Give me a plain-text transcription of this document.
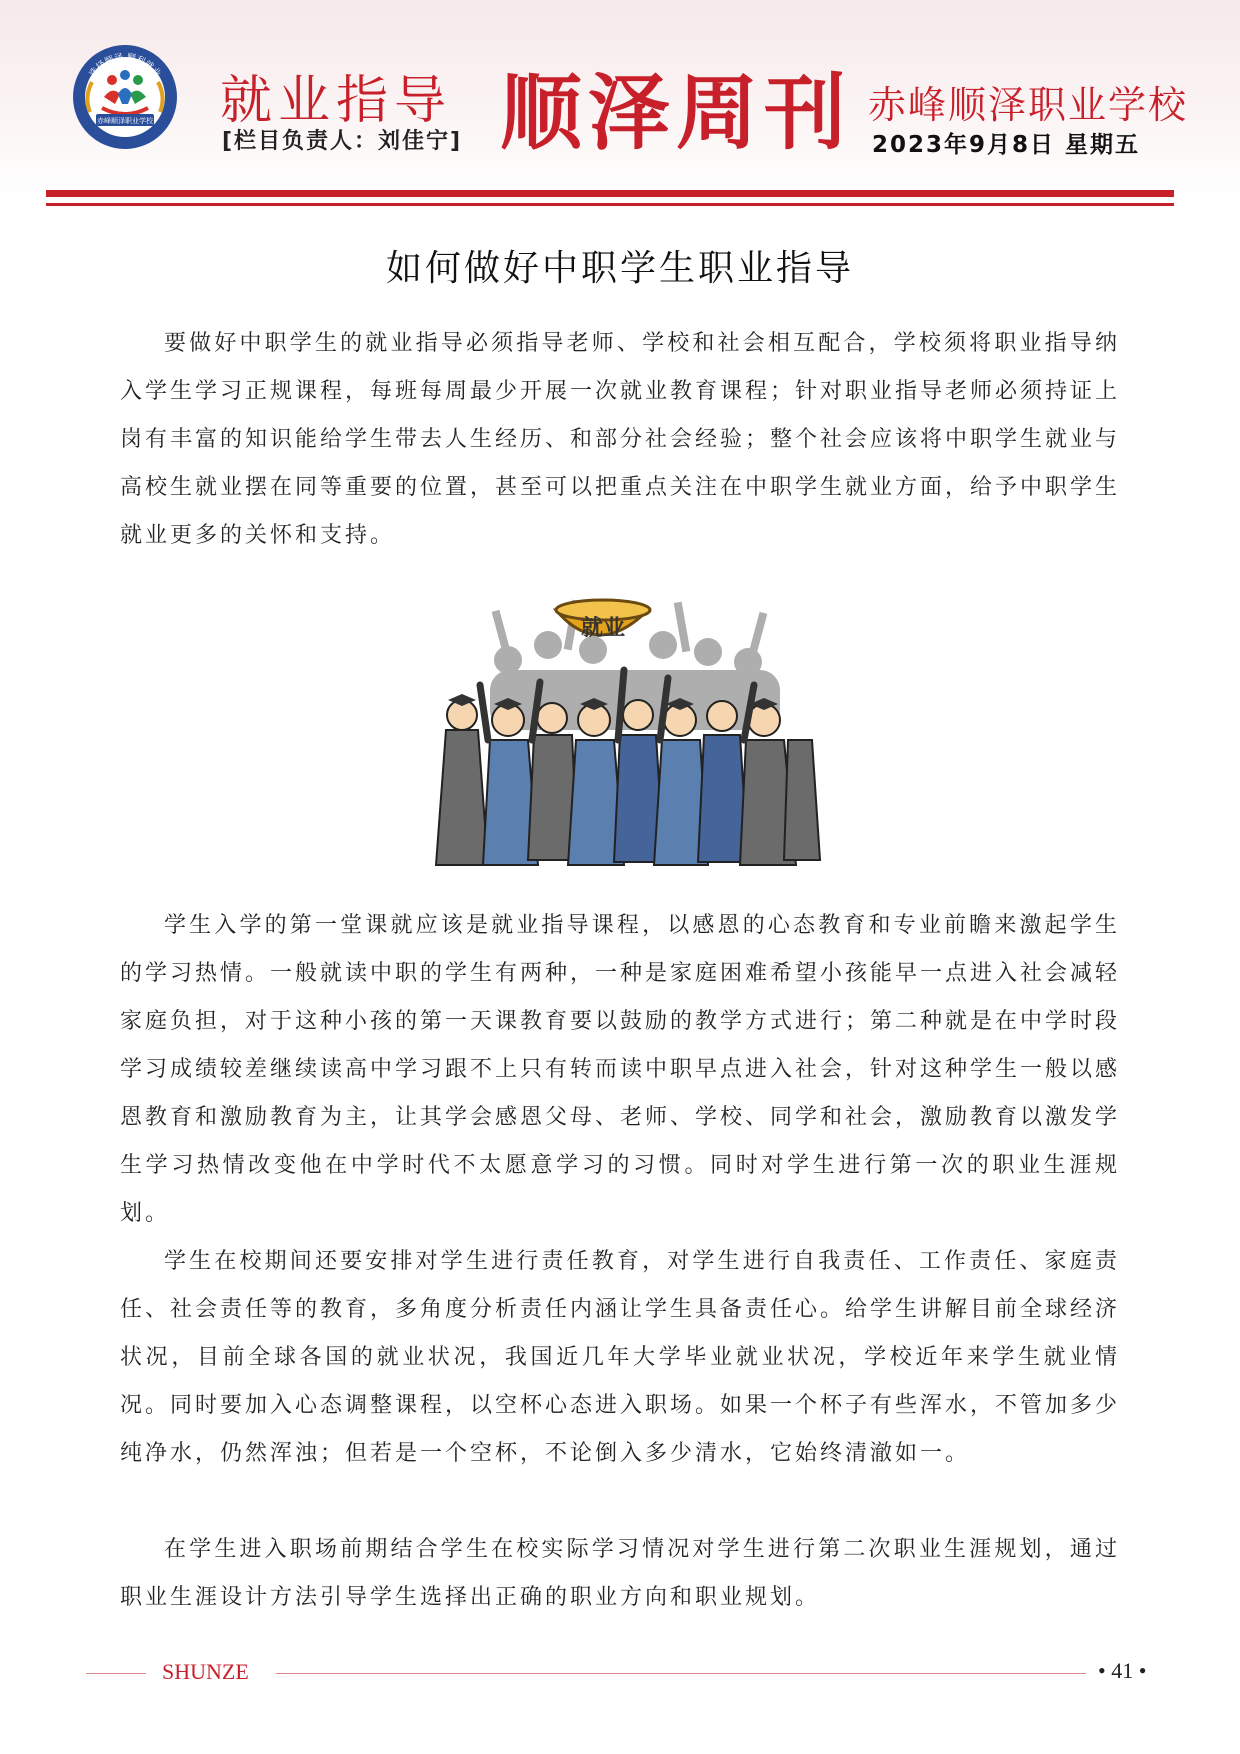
选择顺泽 顺利就业
赤峰顺泽职业学校 就业指导
[栏目负责人：刘佳宁] 顺泽周刊 赤峰顺泽职业学校
2023年9月8日 星期五
如何做好中职学生职业指导

要做好中职学生的就业指导必须指导老师、学校和社会相互配合，学校须将职业指导纳入学生学习正规课程，每班每周最少开展一次就业教育课程；针对职业指导老师必须持证上岗有丰富的知识能给学生带去人生经历、和部分社会经验；整个社会应该将中职学生就业与高校生就业摆在同等重要的位置，甚至可以把重点关注在中职学生就业方面，给予中职学生就业更多的关怀和支持。

就业

学生入学的第一堂课就应该是就业指导课程，以感恩的心态教育和专业前瞻来激起学生的学习热情。一般就读中职的学生有两种，一种是家庭困难希望小孩能早一点进入社会减轻家庭负担，对于这种小孩的第一天课教育要以鼓励的教学方式进行；第二种就是在中学时段学习成绩较差继续读高中学习跟不上只有转而读中职早点进入社会，针对这种学生一般以感恩教育和激励教育为主，让其学会感恩父母、老师、学校、同学和社会，激励教育以激发学生学习热情改变他在中学时代不太愿意学习的习惯。同时对学生进行第一次的职业生涯规划。

学生在校期间还要安排对学生进行责任教育，对学生进行自我责任、工作责任、家庭责任、社会责任等的教育，多角度分析责任内涵让学生具备责任心。给学生讲解目前全球经济状况，目前全球各国的就业状况，我国近几年大学毕业就业状况，学校近年来学生就业情况。同时要加入心态调整课程，以空杯心态进入职场。如果一个杯子有些浑水，不管加多少纯净水，仍然浑浊；但若是一个空杯，不论倒入多少清水，它始终清澈如一。

在学生进入职场前期结合学生在校实际学习情况对学生进行第二次职业生涯规划，通过职业生涯设计方法引导学生选择出正确的职业方向和职业规划。

SHUNZE	• 41 •
